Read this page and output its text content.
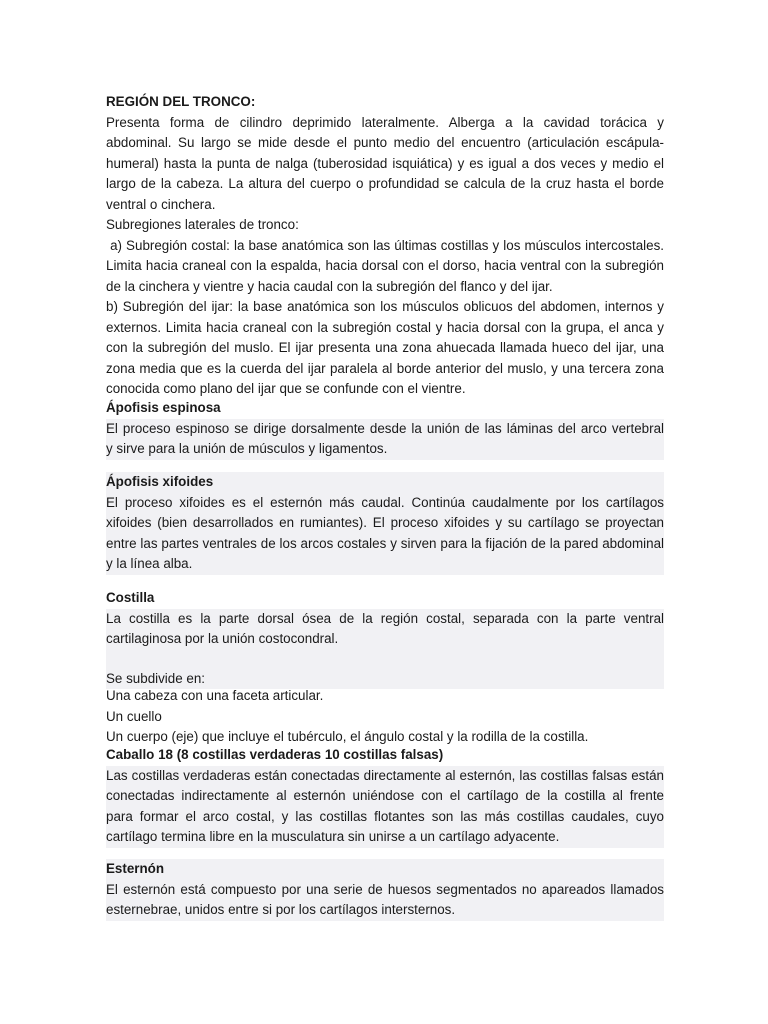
REGIÓN DEL TRONCO:
Presenta forma de cilindro deprimido lateralmente. Alberga a la cavidad torácica y
abdominal. Su largo se mide desde el punto medio del encuentro (articulación escápula-
humeral) hasta la punta de nalga (tuberosidad isquiática) y es igual a dos veces y medio el
largo de la cabeza. La altura del cuerpo o profundidad se calcula de la cruz hasta el borde
ventral o cinchera.
Subregiones laterales de tronco:
a) Subregión costal: la base anatómica son las últimas costillas y los músculos intercostales.
Limita hacia craneal con la espalda, hacia dorsal con el dorso, hacia ventral con la subregión
de la cinchera y vientre y hacia caudal con la subregión del flanco y del ijar.
b) Subregión del ijar: la base anatómica son los músculos oblicuos del abdomen, internos y
externos. Limita hacia craneal con la subregión costal y hacia dorsal con la grupa, el anca y
con la subregión del muslo. El ijar presenta una zona ahuecada llamada hueco del ijar, una
zona media que es la cuerda del ijar paralela al borde anterior del muslo, y una tercera zona
conocida como plano del ijar que se confunde con el vientre.
Ápofisis espinosa
El proceso espinoso se dirige dorsalmente desde la unión de las láminas del arco vertebral
y sirve para la unión de músculos y ligamentos.
Ápofisis xifoides
El proceso xifoides es el esternón más caudal. Continúa caudalmente por los cartílagos
xifoides (bien desarrollados en rumiantes). El proceso xifoides y su cartílago se proyectan
entre las partes ventrales de los arcos costales y sirven para la fijación de la pared abdominal
y la línea alba.
Costilla
La costilla es la parte dorsal ósea de la región costal, separada con la parte ventral
cartilaginosa por la unión costocondral.
Se subdivide en:
Una cabeza con una faceta articular.
Un cuello
Un cuerpo (eje) que incluye el tubérculo, el ángulo costal y la rodilla de la costilla.
Caballo 18 (8 costillas verdaderas 10 costillas falsas)
Las costillas verdaderas están conectadas directamente al esternón, las costillas falsas están
conectadas indirectamente al esternón uniéndose con el cartílago de la costilla al frente
para formar el arco costal, y las costillas flotantes son las más costillas caudales, cuyo
cartílago termina libre en la musculatura sin unirse a un cartílago adyacente.
Esternón
El esternón está compuesto por una serie de huesos segmentados no apareados llamados
esternebrae, unidos entre si por los cartílagos intersternos.
